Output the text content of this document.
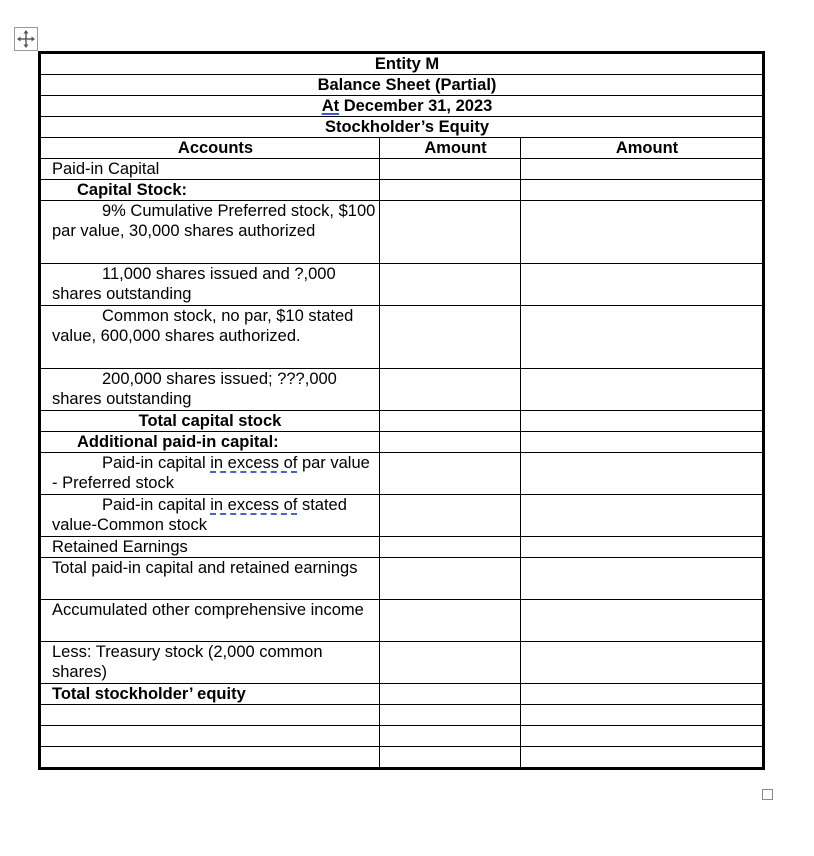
Entity M		
Balance Sheet (Partial)		
At December 31, 2023		
Stockholder’s Equity		
Accounts	Amount	Amount
Paid-in Capital		
Capital Stock:		

9% Cumulative Preferred stock, $100 par value, 30,000 shares authorized		

11,000 shares issued and ?,000 shares outstanding		

Common stock, no par, $10 stated value, 600,000 shares authorized.		

200,000 shares issued; ???,000 shares outstanding		

Total capital stock		
Additional paid-in capital:		

Paid-in capital in excess of par value - Preferred stock		

Paid-in capital in excess of stated value-Common stock		

Retained Earnings		
Total paid-in capital and retained earnings		
Accumulated other comprehensive income		
Less: Treasury stock (2,000 common shares)		
Total stockholder’ equity		
